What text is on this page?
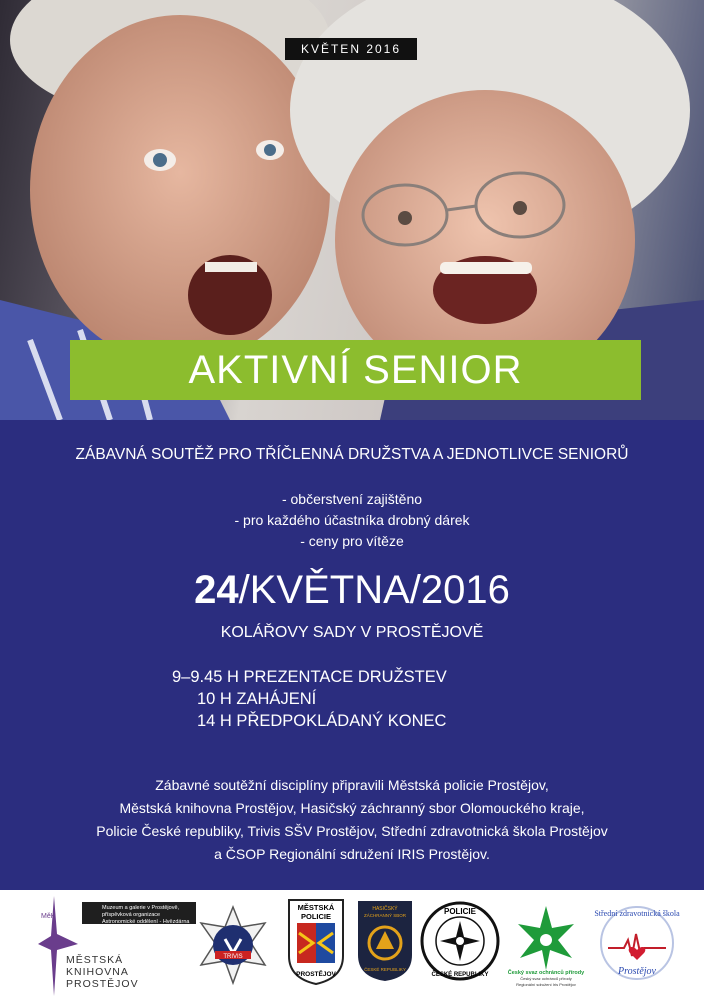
KVĚTEN 2016
AKTIVNÍ SENIOR
ZÁBAVNÁ SOUTĚŽ PRO TŘÍČLENNÁ DRUŽSTVA A JEDNOTLIVCE SENIORŮ
- občerstvení zajištěno
- pro každého účastníka drobný dárek
- ceny pro vítěze
24/KVĚTNA/2016
KOLÁŘOVY SADY V PROSTĚJOVĚ
9–9.45 H PREZENTACE DRUŽSTEV
10 H ZAHÁJENÍ
14 H PŘEDPOKLÁDANÝ KONEC
Zábavné soutěžní disciplíny připravili Městská policie Prostějov,
Městská knihovna Prostějov, Hasičský záchranný sbor Olomouckého kraje,
Policie České republiky, Trivis SŠV Prostějov, Střední zdravotnická škola Prostějov
a ČSOP Regionální sdružení IRIS Prostějov.
MěK
MĚSTSKÁ
KNIHOVNA
PROSTĚJOV
Muzeum a galerie v Prostějově, příspěvková organizace
Astronomické oddělení - Hvězdárna
TRIVIS
MĚSTSKÁ
POLICIE
PROSTĚJOV
HASIČSKÝ
ZÁCHRANNÝ SBOR
ČESKÉ REPUBLIKY
POLICIE
ČESKÉ REPUBLIKY	Český svaz ochránců přírody
Český svaz ochránců přírody
Regionální sdružení Iris Prostějov
Střední zdravotnická škola
Prostějov
